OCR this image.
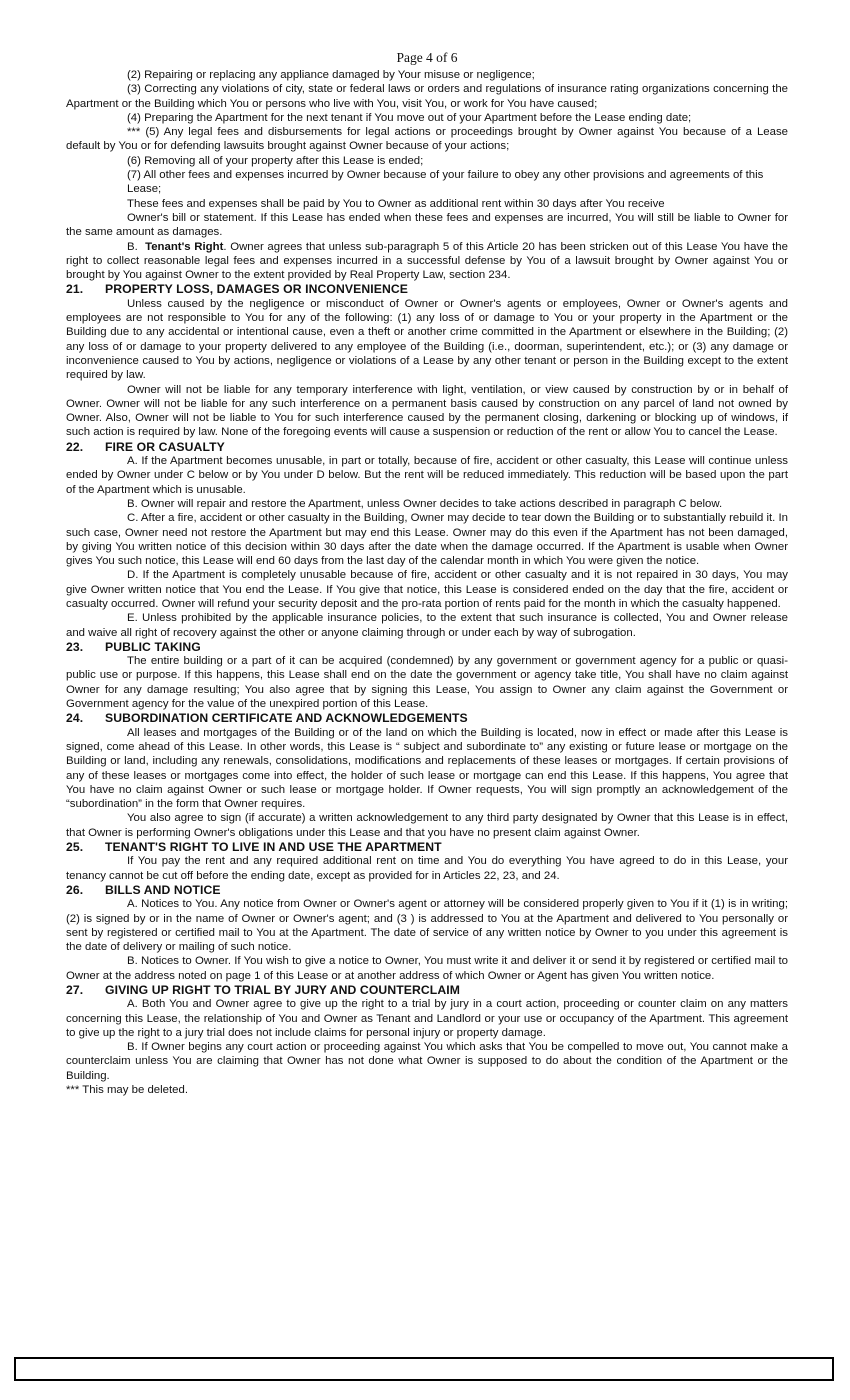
Page 4 of 6

(2) Repairing or replacing any appliance damaged by Your misuse or negligence;

(3) Correcting any violations of city, state or federal laws or orders and regulations of insurance rating organizations concerning the Apartment or the Building which You or persons who live with You, visit You, or work for You have caused;

(4) Preparing the Apartment for the next tenant if You move out of your Apartment before the Lease ending date;

*** (5) Any legal fees and disbursements for legal actions or proceedings brought by Owner against You because of a Lease default by You or for defending lawsuits brought against Owner because of your actions;

(6) Removing all of your property after this Lease is ended;

(7) All other fees and expenses incurred by Owner because of your failure to obey any other provisions and agreements of this Lease;

These fees and expenses shall be paid by You to Owner as additional rent within 30 days after You receive

Owner's bill or statement. If this Lease has ended when these fees and expenses are incurred, You will still be liable to Owner for the same amount as damages.

B. Tenant's Right. Owner agrees that unless sub-paragraph 5 of this Article 20 has been stricken out of this Lease You have the right to collect reasonable legal fees and expenses incurred in a successful defense by You of a lawsuit brought by Owner against You or brought by You against Owner to the extent provided by Real Property Law, section 234.

21. PROPERTY LOSS, DAMAGES OR INCONVENIENCE

Unless caused by the negligence or misconduct of Owner or Owner's agents or employees, Owner or Owner's agents and employees are not responsible to You for any of the following: (1) any loss of or damage to You or your property in the Apartment or the Building due to any accidental or intentional cause, even a theft or another crime committed in the Apartment or elsewhere in the Building; (2) any loss of or damage to your property delivered to any employee of the Building (i.e., doorman, superintendent, etc.); or (3) any damage or inconvenience caused to You by actions, negligence or violations of a Lease by any other tenant or person in the Building except to the extent required by law.

Owner will not be liable for any temporary interference with light, ventilation, or view caused by construction by or in behalf of Owner. Owner will not be liable for any such interference on a permanent basis caused by construction on any parcel of land not owned by Owner. Also, Owner will not be liable to You for such interference caused by the permanent closing, darkening or blocking up of windows, if such action is required by law. None of the foregoing events will cause a suspension or reduction of the rent or allow You to cancel the Lease.

22. FIRE OR CASUALTY

A. If the Apartment becomes unusable, in part or totally, because of fire, accident or other casualty, this Lease will continue unless ended by Owner under C below or by You under D below. But the rent will be reduced immediately. This reduction will be based upon the part of the Apartment which is unusable.

B. Owner will repair and restore the Apartment, unless Owner decides to take actions described in paragraph C below.

C. After a fire, accident or other casualty in the Building, Owner may decide to tear down the Building or to substantially rebuild it. In such case, Owner need not restore the Apartment but may end this Lease. Owner may do this even if the Apartment has not been damaged, by giving You written notice of this decision within 30 days after the date when the damage occurred. If the Apartment is usable when Owner gives You such notice, this Lease will end 60 days from the last day of the calendar month in which You were given the notice.

D. If the Apartment is completely unusable because of fire, accident or other casualty and it is not repaired in 30 days, You may give Owner written notice that You end the Lease. If You give that notice, this Lease is considered ended on the day that the fire, accident or casualty occurred. Owner will refund your security deposit and the pro-rata portion of rents paid for the month in which the casualty happened.

E. Unless prohibited by the applicable insurance policies, to the extent that such insurance is collected, You and Owner release and waive all right of recovery against the other or anyone claiming through or under each by way of subrogation.

23. PUBLIC TAKING

The entire building or a part of it can be acquired (condemned) by any government or government agency for a public or quasi-public use or purpose. If this happens, this Lease shall end on the date the government or agency take title, You shall have no claim against Owner for any damage resulting; You also agree that by signing this Lease, You assign to Owner any claim against the Government or Government agency for the value of the unexpired portion of this Lease.

24. SUBORDINATION CERTIFICATE AND ACKNOWLEDGEMENTS

All leases and mortgages of the Building or of the land on which the Building is located, now in effect or made after this Lease is signed, come ahead of this Lease. In other words, this Lease is “ subject and subordinate to” any existing or future lease or mortgage on the Building or land, including any renewals, consolidations, modifications and replacements of these leases or mortgages. If certain provisions of any of these leases or mortgages come into effect, the holder of such lease or mortgage can end this Lease. If this happens, You agree that You have no claim against Owner or such lease or mortgage holder. If Owner requests, You will sign promptly an acknowledgement of the “subordination” in the form that Owner requires.

You also agree to sign (if accurate) a written acknowledgement to any third party designated by Owner that this Lease is in effect, that Owner is performing Owner's obligations under this Lease and that you have no present claim against Owner.

25. TENANT'S RIGHT TO LIVE IN AND USE THE APARTMENT

If You pay the rent and any required additional rent on time and You do everything You have agreed to do in this Lease, your tenancy cannot be cut off before the ending date, except as provided for in Articles 22, 23, and 24.

26. BILLS AND NOTICE

A. Notices to You. Any notice from Owner or Owner's agent or attorney will be considered properly given to You if it (1) is in writing; (2) is signed by or in the name of Owner or Owner's agent; and (3 ) is addressed to You at the Apartment and delivered to You personally or sent by registered or certified mail to You at the Apartment. The date of service of any written notice by Owner to you under this agreement is the date of delivery or mailing of such notice.

B. Notices to Owner. If You wish to give a notice to Owner, You must write it and deliver it or send it by registered or certified mail to Owner at the address noted on page 1 of this Lease or at another address of which Owner or Agent has given You written notice.

27. GIVING UP RIGHT TO TRIAL BY JURY AND COUNTERCLAIM

A. Both You and Owner agree to give up the right to a trial by jury in a court action, proceeding or counter claim on any matters concerning this Lease, the relationship of You and Owner as Tenant and Landlord or your use or occupancy of the Apartment. This agreement to give up the right to a jury trial does not include claims for personal injury or property damage.

B. If Owner begins any court action or proceeding against You which asks that You be compelled to move out, You cannot make a counterclaim unless You are claiming that Owner has not done what Owner is supposed to do about the condition of the Apartment or the Building.

*** This may be deleted.
